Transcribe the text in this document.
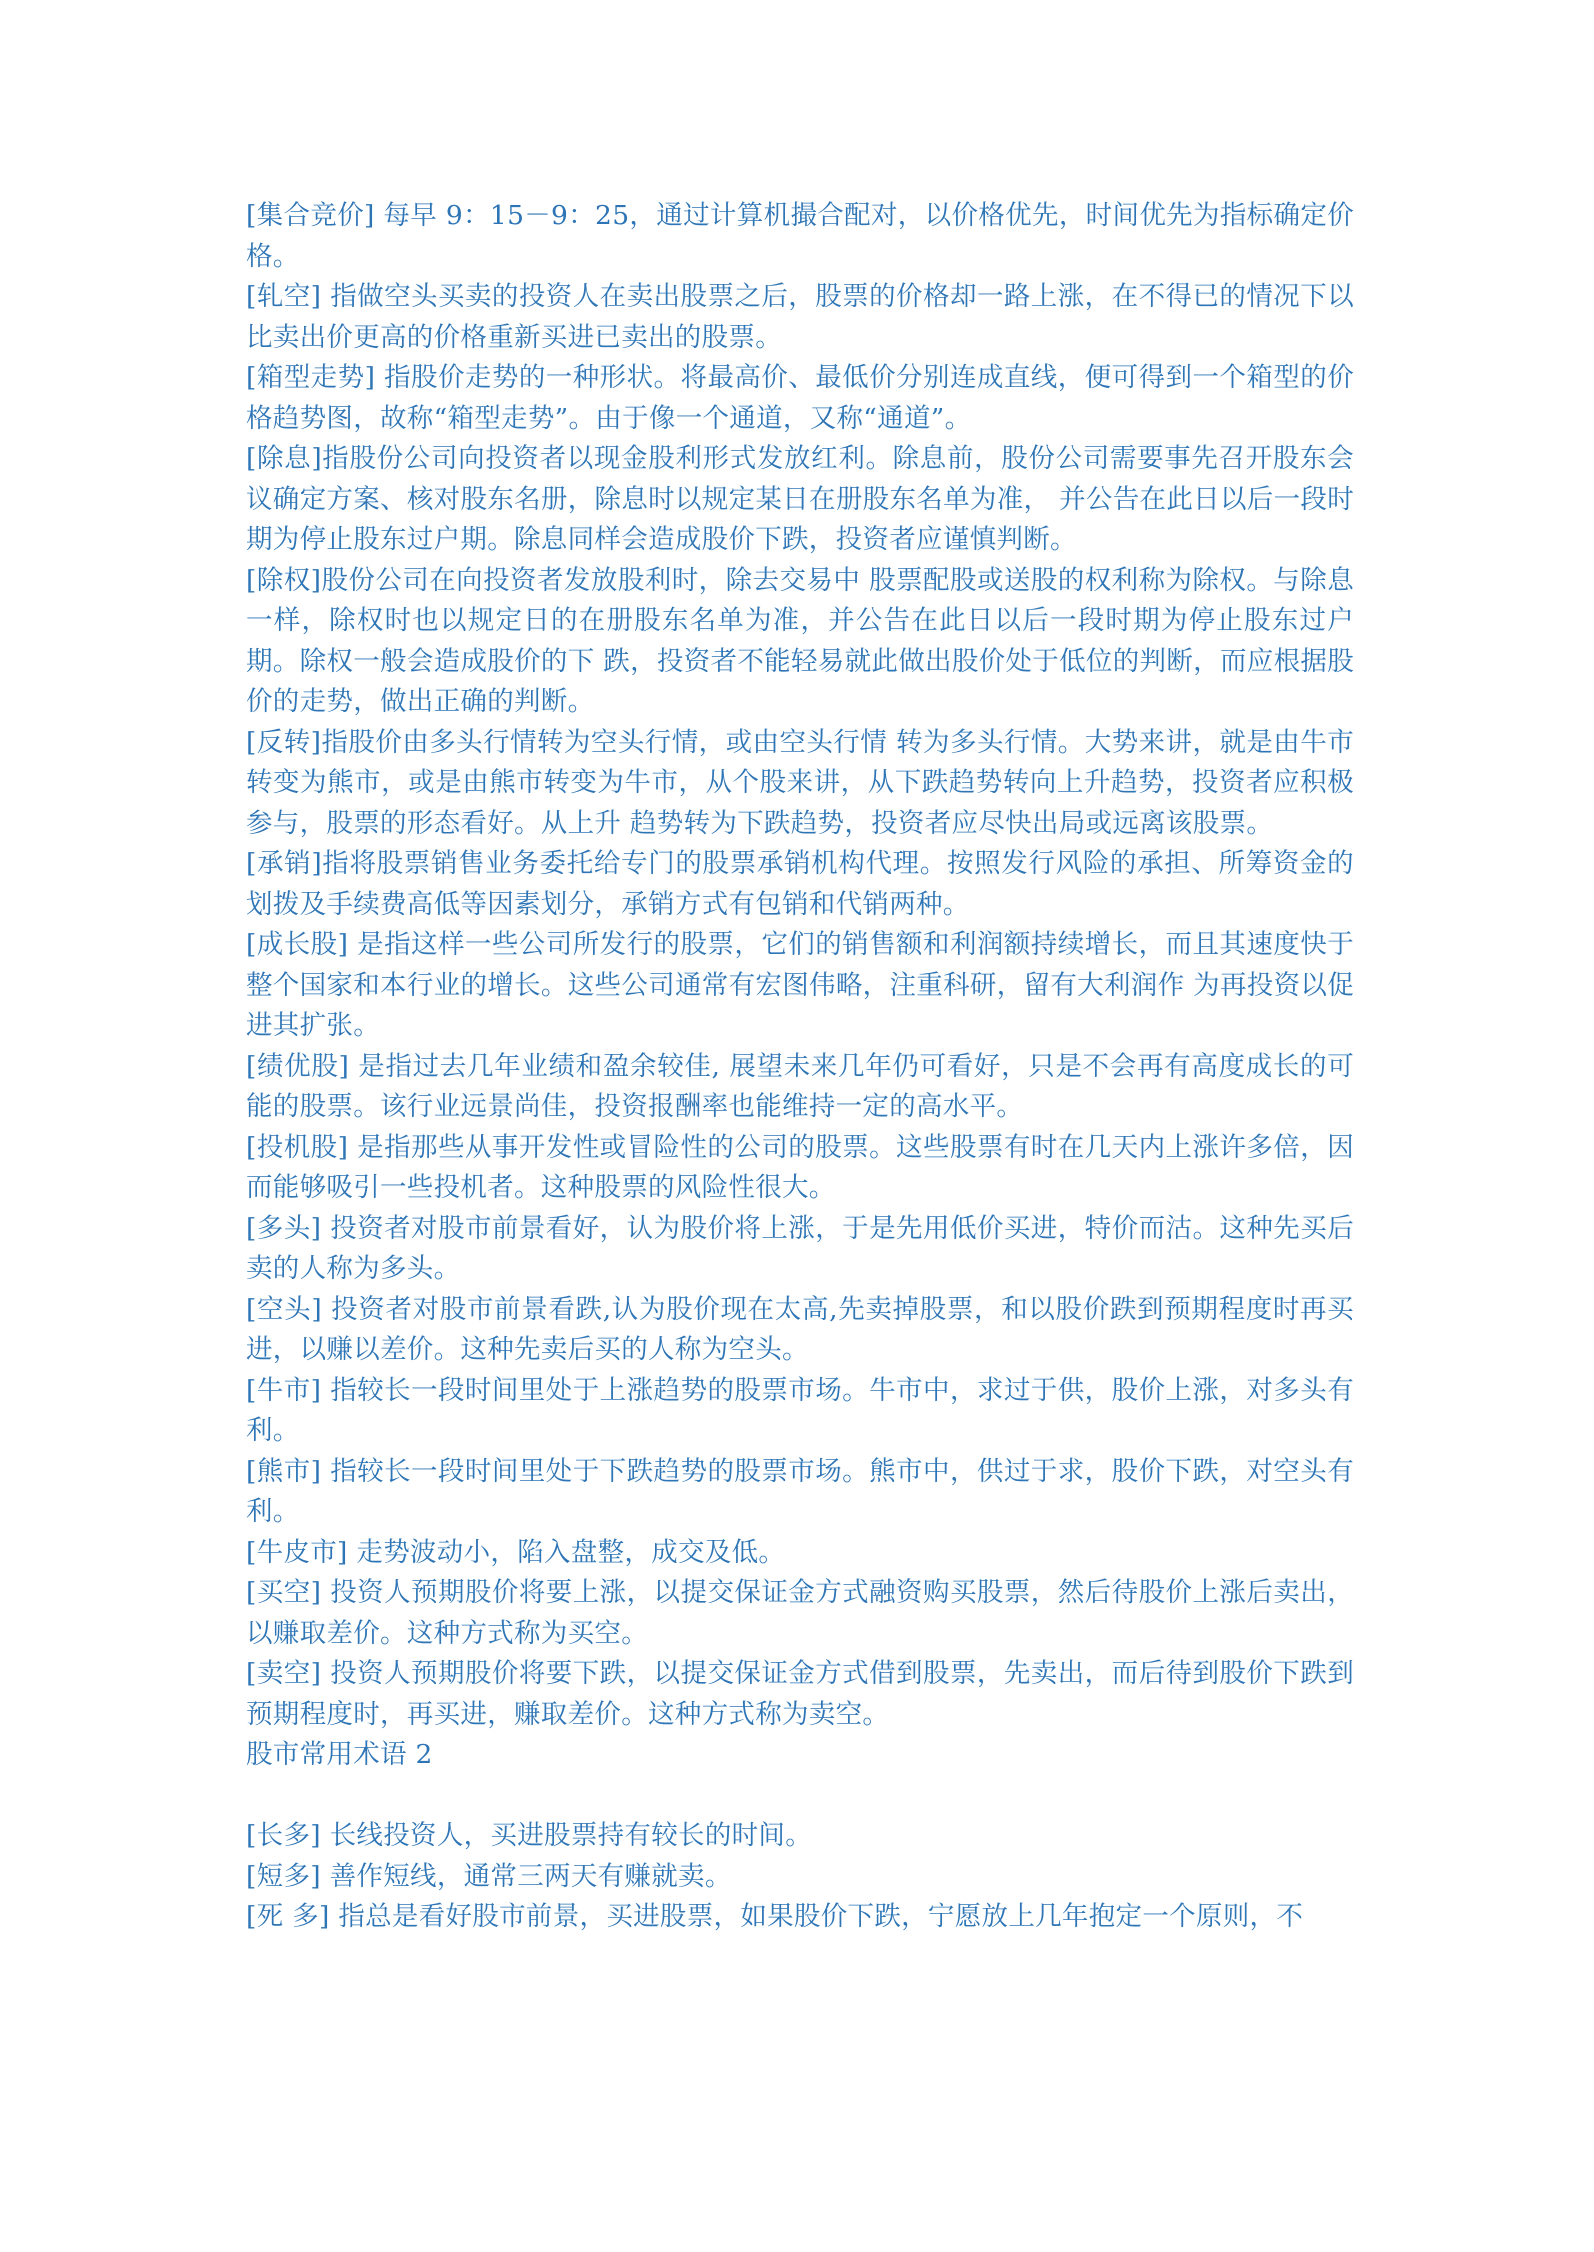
[集合竞价] 每早 9：15－9：25，通过计算机撮合配对，以价格优先，时间优先为指标确定价格。

[轧空] 指做空头买卖的投资人在卖出股票之后，股票的价格却一路上涨，在不得已的情况下以比卖出价更高的价格重新买进已卖出的股票。

[箱型走势] 指股价走势的一种形状。将最高价、最低价分别连成直线，便可得到一个箱型的价格趋势图，故称“箱型走势”。由于像一个通道，又称“通道”。

[除息]指股份公司向投资者以现金股利形式发放红利。除息前，股份公司需要事先召开股东会议确定方案、核对股东名册，除息时以规定某日在册股东名单为准， 并公告在此日以后一段时期为停止股东过户期。除息同样会造成股价下跌，投资者应谨慎判断。

[除权]股份公司在向投资者发放股利时，除去交易中 股票配股或送股的权利称为除权。与除息一样，除权时也以规定日的在册股东名单为准，并公告在此日以后一段时期为停止股东过户期。除权一般会造成股价的下 跌，投资者不能轻易就此做出股价处于低位的判断，而应根据股价的走势，做出正确的判断。

[反转]指股价由多头行情转为空头行情，或由空头行情 转为多头行情。大势来讲，就是由牛市转变为熊市，或是由熊市转变为牛市，从个股来讲，从下跌趋势转向上升趋势，投资者应积极参与，股票的形态看好。从上升 趋势转为下跌趋势，投资者应尽快出局或远离该股票。

[承销]指将股票销售业务委托给专门的股票承销机构代理。按照发行风险的承担、所筹资金的 划拨及手续费高低等因素划分，承销方式有包销和代销两种。

[成长股] 是指这样一些公司所发行的股票，它们的销售额和利润额持续增长，而且其速度快于整个国家和本行业的增长。这些公司通常有宏图伟略，注重科研，留有大利润作 为再投资以促进其扩张。

[绩优股] 是指过去几年业绩和盈余较佳, 展望未来几年仍可看好，只是不会再有高度成长的可能的股票。该行业远景尚佳，投资报酬率也能维持一定的高水平。

[投机股] 是指那些从事开发性或冒险性的公司的股票。这些股票有时在几天内上涨许多倍，因而能够吸引一些投机者。这种股票的风险性很大。

[多头] 投资者对股市前景看好，认为股价将上涨，于是先用低价买进，特价而沽。这种先买后卖的人称为多头。

[空头] 投资者对股市前景看跌,认为股价现在太高,先卖掉股票，和以股价跌到预期程度时再买进，以赚以差价。这种先卖后买的人称为空头。

[牛市] 指较长一段时间里处于上涨趋势的股票市场。牛市中，求过于供，股价上涨，对多头有利。

[熊市] 指较长一段时间里处于下跌趋势的股票市场。熊市中，供过于求，股价下跌，对空头有利。

[牛皮市] 走势波动小，陷入盘整，成交及低。

[买空] 投资人预期股价将要上涨，以提交保证金方式融资购买股票，然后待股价上涨后卖出，以赚取差价。这种方式称为买空。

[卖空] 投资人预期股价将要下跌，以提交保证金方式借到股票，先卖出，而后待到股价下跌到预期程度时，再买进，赚取差价。这种方式称为卖空。

股市常用术语 2

[长多] 长线投资人，买进股票持有较长的时间。

[短多] 善作短线，通常三两天有赚就卖。

[死 多] 指总是看好股市前景，买进股票，如果股价下跌，宁愿放上几年抱定一个原则，不
